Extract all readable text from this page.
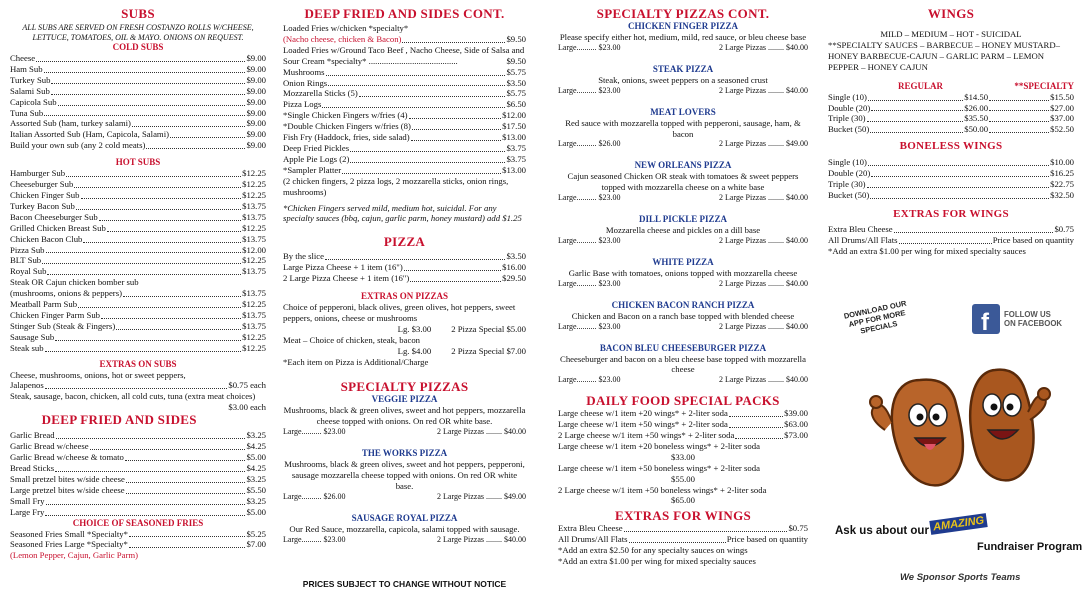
SUBS
ALL SUBS ARE SERVED ON FRESH COSTANZO ROLLS W/CHEESE, LETTUCE, TOMATOES, OIL & MAYO. ONIONS ON REQUEST.
COLD SUBS
Cheese	$9.00
Ham Sub	$9.00
Turkey Sub	$9.00
Salami Sub	$9.00
Capicola Sub	$9.00
Tuna Sub	$9.00
Assorted Sub (ham, turkey salami)	$9.00
Italian Assorted Sub (Ham, Capicola, Salami)	$9.00
Build your own sub (any 2 cold meats)	$9.00
HOT SUBS
Hamburger Sub	$12.25
Cheeseburger Sub	$12.25
Chicken Finger Sub	$12.25
Turkey Bacon Sub	$13.75
Bacon Cheeseburger Sub	$13.75
Grilled Chicken Breast Sub	$12.25
Chicken Bacon Club	$13.75
Pizza Sub	$12.00
BLT Sub	$12.25
Royal Sub	$13.75
Steak OR Cajun chicken bomber sub
(mushrooms, onions & peppers)	$13.75
Meatball Parm Sub	$12.25
Chicken Finger Parm Sub	$13.75
Stinger Sub (Steak & Fingers)	$13.75
Sausage Sub	$12.25
Steak sub	$12.25
EXTRAS ON SUBS
Cheese, mushrooms, onions, hot or sweet peppers,
Jalapenos	$0.75 each
Steak, sausage, bacon, chicken, all cold cuts, tuna (extra meat choices)
$3.00 each
DEEP FRIED AND SIDES
Garlic Bread	$3.25
Garlic Bread w/cheese	$4.25
Garlic Bread w/cheese & tomato	$5.00
Bread Sticks	$4.25
Small pretzel bites w/side cheese	$3.25
Large pretzel bites w/side cheese	$5.50
Small Fry	$3.25
Large Fry	$5.00
CHOICE OF SEASONED FRIES
Seasoned Fries Small *Specialty*	$5.25
Seasoned Fries Large *Specialty*	$7.00
(Lemon Pepper, Cajun, Garlic Parm)
DEEP FRIED AND SIDES CONT.
Loaded Fries w/chicken *specialty*
(Nacho cheese, chicken & Bacon)	$9.50
Loaded Fries w/Ground Taco Beef , Nacho Cheese, Side of Salsa and Sour Cream *specialty* .........................................	$9.50
Mushrooms	$5.75
Onion Rings	$3.50
Mozzarella Sticks (5)	$5.75
Pizza Logs	$6.50
*Single Chicken Fingers w/fries (4)	$12.00
*Double Chicken Fingers w/fries (8)	$17.50
Fish Fry (Haddock, fries, side salad)	$13.00
Deep Fried Pickles	$3.75
Apple Pie Logs (2)	$3.75
*Sampler Platter	$13.00
(2 chicken fingers, 2 pizza logs, 2 mozzarella sticks, onion rings, mushrooms)
*Chicken Fingers served mild, medium hot, suicidal. For any specialty sauces (bbq, cajun, garlic parm, honey mustard) add $1.25
PIZZA
By the slice	$3.50
Large Pizza Cheese + 1 item (16")	$16.00
2 Large Pizza Cheese + 1 item (16")	$29.50
EXTRAS ON PIZZAS
Choice of pepperoni, black olives, green olives, hot peppers, sweet peppers, onions, cheese or mushrooms
Lg. $3.00 2 Pizza Special $5.00
Meat – Choice of chicken, steak, bacon
Lg. $4.00 2 Pizza Special $7.00
*Each item on Pizza is Additional/Charge
SPECIALTY PIZZAS
VEGGIE PIZZA
Mushrooms, black & green olives, sweet and hot peppers, mozzarella cheese topped with onions. On red OR white base.
Large.......... $23.00	2 Large Pizzas ........ $40.00
THE WORKS PIZZA
Mushrooms, black & green olives, sweet and hot peppers, pepperoni, sausage mozzarella cheese topped with onions. On red OR white base.
Large.......... $26.00	2 Large Pizzas ........ $49.00
SAUSAGE ROYAL PIZZA
Our Red Sauce, mozzarella, capicola, salami topped with sausage.
Large.......... $23.00	2 Large Pizzas ........ $40.00
PRICES SUBJECT TO CHANGE WITHOUT NOTICE
SPECIALTY PIZZAS CONT.
CHICKEN FINGER PIZZA
Please specify either hot, medium, mild, red sauce, or bleu cheese base
Large.......... $23.00	2 Large Pizzas ........ $40.00
STEAK PIZZA
Steak, onions, sweet peppers on a seasoned crust
Large.......... $23.00	2 Large Pizzas ........ $40.00
MEAT LOVERS
Red sauce with mozzarella topped with pepperoni, sausage, ham, & bacon
Large.......... $26.00	2 Large Pizzas ........ $49.00
NEW ORLEANS PIZZA
Cajun seasoned Chicken OR steak with tomatoes & sweet peppers topped with mozzarella cheese on a white base
Large.......... $23.00	2 Large Pizzas ........ $40.00
DILL PICKLE PIZZA
Mozzarella cheese and pickles on a dill base
Large.......... $23.00	2 Large Pizzas ........ $40.00
WHITE PIZZA
Garlic Base with tomatoes, onions topped with mozzarella cheese
Large.......... $23.00	2 Large Pizzas ........ $40.00
CHICKEN BACON RANCH PIZZA
Chicken and Bacon on a ranch base topped with blended cheese
Large.......... $23.00	2 Large Pizzas ........ $40.00
BACON BLEU CHEESEBURGER PIZZA
Cheeseburger and bacon on a bleu cheese base topped with mozzarella cheese
Large.......... $23.00	2 Large Pizzas ........ $40.00
DAILY FOOD SPECIAL PACKS
Large cheese w/1 item +20 wings* + 2-liter soda	$39.00
Large cheese w/1 item +50 wings* + 2-liter soda	$63.00
2 Large cheese w/1 item +50 wings* + 2-liter soda	$73.00
Large cheese w/1 item +20 boneless wings* + 2-liter soda
$33.00
Large cheese w/1 item +50 boneless wings* + 2-liter soda
$55.00
2 Large cheese w/1 item +50 boneless wings* + 2-liter soda
$65.00
EXTRAS FOR WINGS
Extra Bleu Cheese	$0.75
All Drums/All Flats	Price based on quantity
*Add an extra $2.50 for any specialty sauces on wings
*Add an extra $1.00 per wing for mixed specialty sauces
WINGS
MILD – MEDIUM – HOT - SUICIDAL
**SPECIALTY SAUCES – BARBECUE – HONEY MUSTARD– HONEY BARBECUE-CAJUN – GARLIC PARM – LEMON PEPPER – HONEY CAJUN
REGULAR	**SPECIALTY
Single (10)	$14.50	$15.50
Double (20)	$26.00	$27.00
Triple (30)	$35.50	$37.00
Bucket (50)	$50.00	$52.50
BONELESS WINGS
Single (10)	$10.00
Double (20)	$16.25
Triple (30)	$22.75
Bucket (50)	$32.50
EXTRAS FOR WINGS
Extra Bleu Cheese	$0.75
All Drums/All Flats	Price based on quantity
*Add an extra $1.00 per wing for mixed specialty sauces
DOWNLOAD OUR APP FOR MORE SPECIALS	f FOLLOW US
ON FACEBOOK
Ask us about our AMAZING
Fundraiser Program
We Sponsor Sports Teams
